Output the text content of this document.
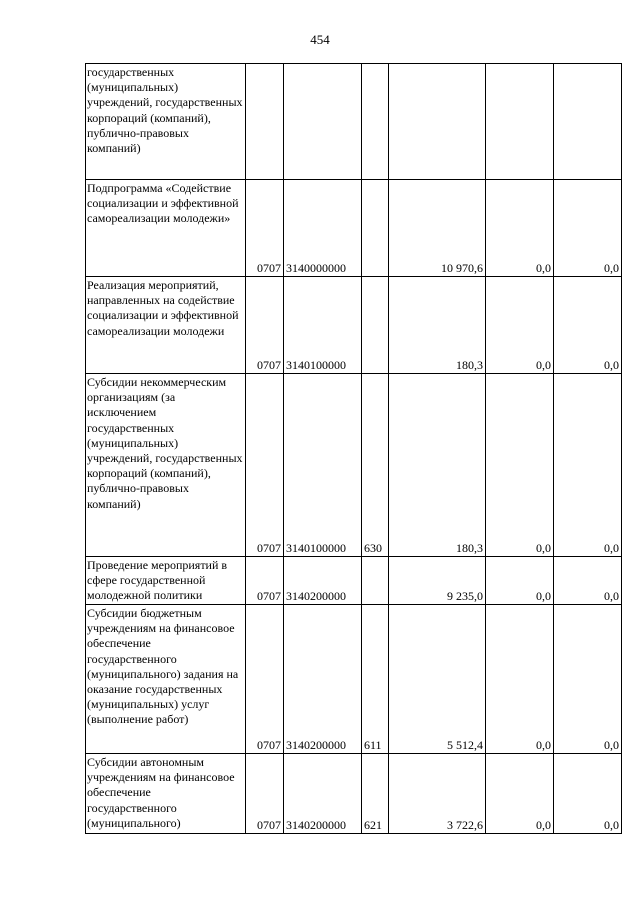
454
государственных (муниципальных) учреждений, государственных корпораций (компаний), публично-правовых компаний)						
Подпрограмма «Содействие социализации и эффективной самореализации молодежи»	0707	3140000000		10 970,6	0,0	0,0
Реализация мероприятий, направленных на содействие социализации и эффективной самореализации молодежи	0707	3140100000		180,3	0,0	0,0
Субсидии некоммерческим организациям (за исключением государственных (муниципальных) учреждений, государственных корпораций (компаний), публично-правовых компаний)	0707	3140100000	630	180,3	0,0	0,0
Проведение мероприятий в сфере государственной молодежной политики	0707	3140200000		9 235,0	0,0	0,0
Субсидии бюджетным учреждениям на финансовое обеспечение государственного (муниципального) задания на оказание государственных (муниципальных) услуг (выполнение работ)	0707	3140200000	611	5 512,4	0,0	0,0
Субсидии автономным учреждениям на финансовое обеспечение государственного (муниципального)	0707	3140200000	621	3 722,6	0,0	0,0
